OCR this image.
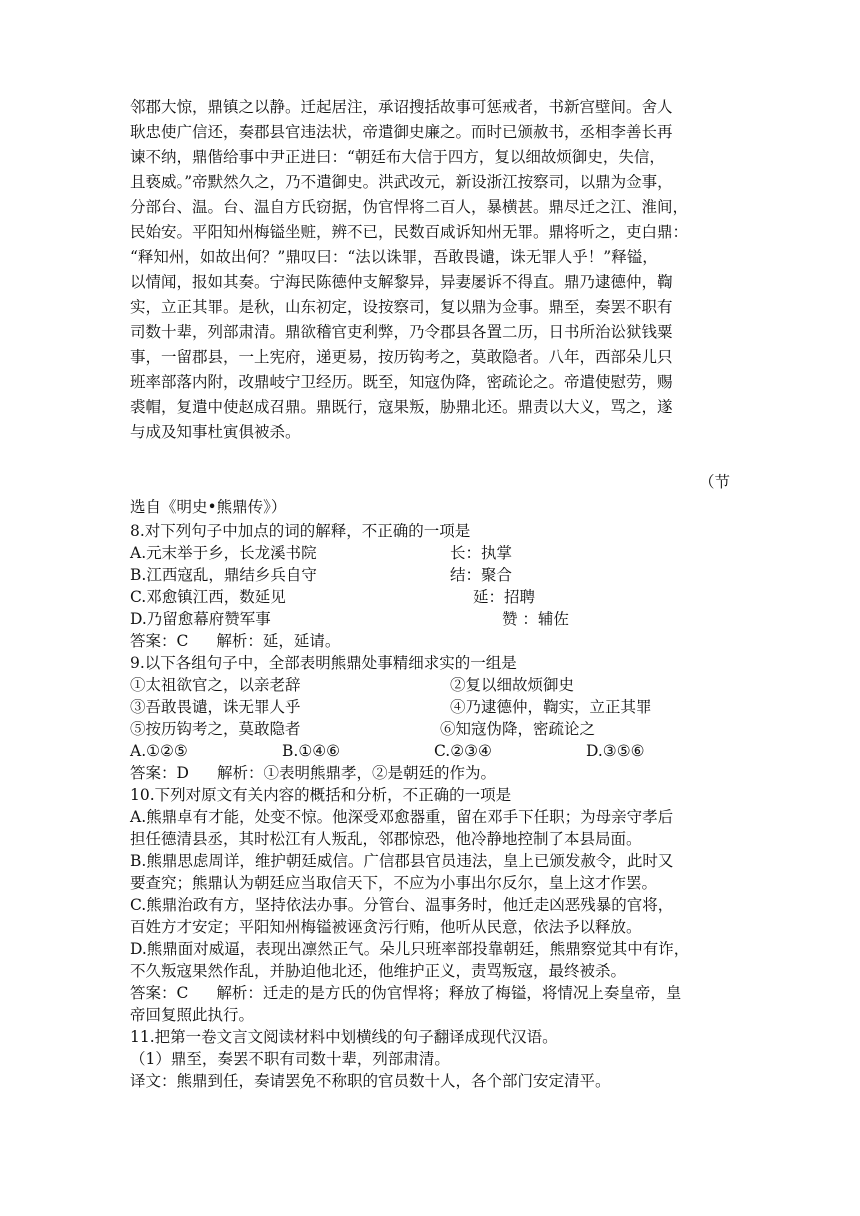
邻郡大惊，鼎镇之以静。迁起居注，承诏搜括故事可惩戒者，书新宫壁间。舍人

耿忠使广信还，奏郡县官违法状，帝遣御史廉之。而时已颁赦书，丞相李善长再

谏不纳，鼎偕给事中尹正进曰：“朝廷布大信于四方，复以细故烦御史，失信，

且亵威。”帝默然久之，乃不遣御史。洪武改元，新设浙江按察司，以鼎为佥事，

分部台、温。台、温自方氏窃据，伪官悍将二百人，暴横甚。鼎尽迁之江、淮间，

民始安。平阳知州梅镒坐赃，辨不已，民数百咸诉知州无罪。鼎将听之，吏白鼎：

“释知州，如故出何？”鼎叹曰：“法以诛罪，吾敢畏谴，诛无罪人乎！”释镒，

以情闻，报如其奏。宁海民陈德仲支解黎异，异妻屡诉不得直。鼎乃逮德仲，鞫

实，立正其罪。是秋，山东初定，设按察司，复以鼎为佥事。鼎至，奏罢不职有

司数十辈，列部肃清。鼎欲稽官吏利弊，乃令郡县各置二历，日书所治讼狱钱粟

事，一留郡县，一上宪府，递更易，按历钩考之，莫敢隐者。八年，西部朵儿只

班率部落内附，改鼎岐宁卫经历。既至，知寇伪降，密疏论之。帝遣使慰劳，赐

裘帽，复遣中使赵成召鼎。鼎既行，寇果叛，胁鼎北还。鼎责以大义，骂之，遂

与成及知事杜寅俱被杀。

（节

选自《明史•熊鼎传》）

8.对下列句子中加点的词的解释，不正确的一项是

A.元末举于乡，长龙溪书院	长：执掌
B.江西寇乱，鼎结乡兵自守	结：聚合
C.邓愈镇江西，数延见	延：招聘
D.乃留愈幕府赞军事	赞 ：辅佐

答案：C 解析：延，延请。

9.以下各组句子中，全部表明熊鼎处事精细求实的一组是

①太祖欲官之，以亲老辞	②复以细故烦御史
③吾敢畏谴，诛无罪人乎	④乃逮德仲，鞫实，立正其罪
⑤按历钩考之，莫敢隐者	⑥知寇伪降，密疏论之
A.①②⑤	B.①④⑥	C.②③④	D.③⑤⑥

答案：D 解析：①表明熊鼎孝，②是朝廷的作为。

10.下列对原文有关内容的概括和分析，不正确的一项是

A.熊鼎卓有才能，处变不惊。他深受邓愈器重，留在邓手下任职；为母亲守孝后

担任德清县丞，其时松江有人叛乱，邻郡惊恐，他冷静地控制了本县局面。

B.熊鼎思虑周详，维护朝廷威信。广信郡县官员违法，皇上已颁发赦令，此时又

要查究；熊鼎认为朝廷应当取信天下，不应为小事出尔反尔，皇上这才作罢。

C.熊鼎治政有方，坚持依法办事。分管台、温事务时，他迁走凶恶残暴的官将，

百姓方才安定；平阳知州梅镒被诬贪污行贿，他听从民意，依法予以释放。

D.熊鼎面对威逼，表现出凛然正气。朵儿只班率部投靠朝廷，熊鼎察觉其中有诈，

不久叛寇果然作乱，并胁迫他北还，他维护正义，责骂叛寇，最终被杀。

答案：C 解析：迁走的是方氏的伪官悍将；释放了梅镒，将情况上奏皇帝，皇

帝回复照此执行。

11.把第一卷文言文阅读材料中划横线的句子翻译成现代汉语。

（1）鼎至，奏罢不职有司数十辈，列部肃清。

译文：熊鼎到任，奏请罢免不称职的官员数十人，各个部门安定清平。
